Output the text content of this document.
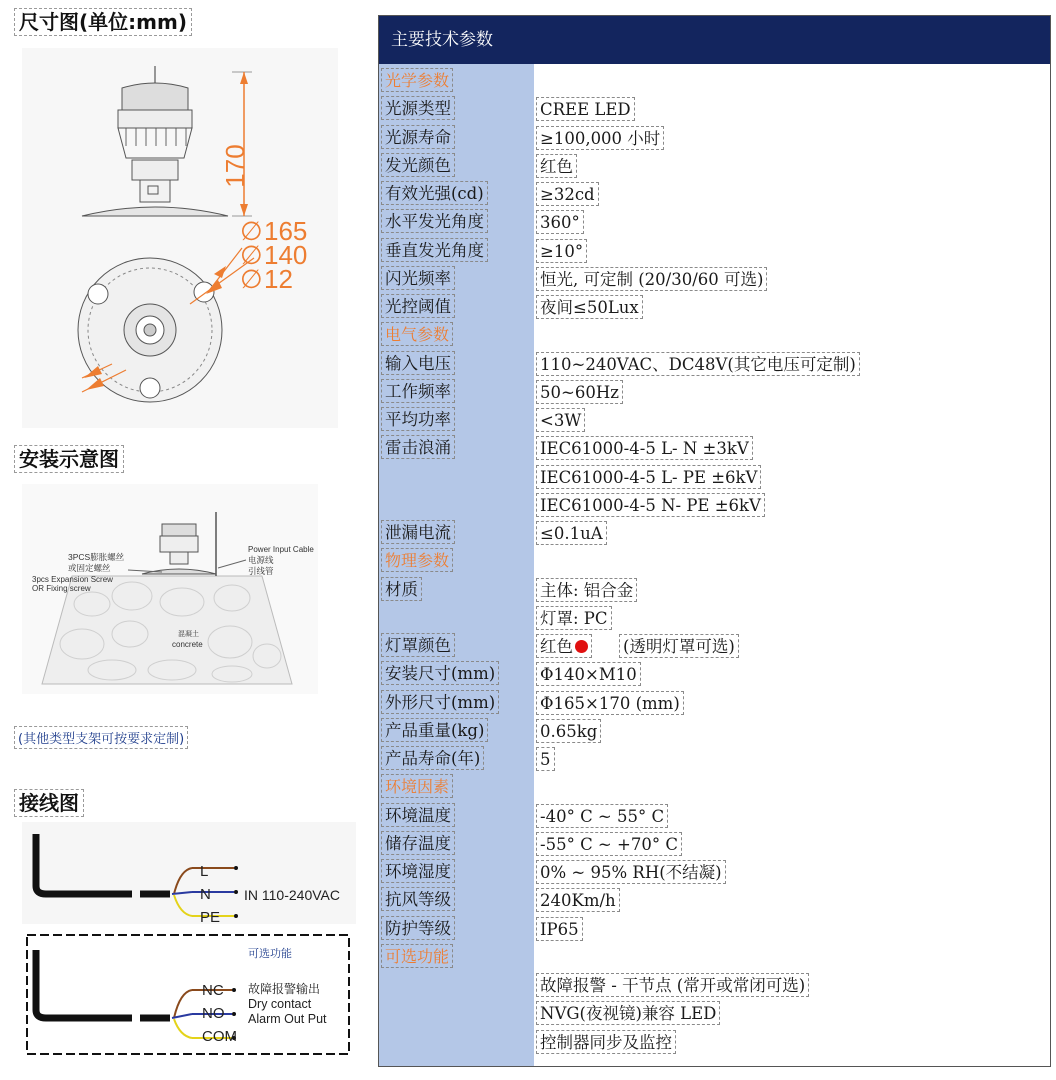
尺寸图(单位:mm)
170
∅ 165
∅ 140
∅ 12
安装示意图
3PCS膨胀螺丝
或固定螺丝
3pcs Expansion Screw
OR Fixing screw
Power Input Cable
电源线
引线管
混凝土
concrete
(其他类型支架可按要求定制)
接线图
L
N
PE
IN 110-240VAC
可选功能
NC
NO
COM
故障报警输出
Dry contact
Alarm Out Put
主要技术参数
光学参数
光源类型	CREE LED
光源寿命	≥100,000 小时
发光颜色	红色
有效光强(cd)	≥32cd
水平发光角度	360°
垂直发光角度	≥10°
闪光频率	恒光, 可定制 (20/30/60 可选)
光控阈值	夜间≤50Lux
电气参数
输入电压	110~240VAC、DC48V(其它电压可定制)
工作频率	50~60Hz
平均功率	<3W
雷击浪涌	IEC61000-4-5 L- N ±3kV
IEC61000-4-5 L- PE ±6kV
IEC61000-4-5 N- PE ±6kV
泄漏电流	≤0.1uA
物理参数
材质	主体: 铝合金
灯罩: PC
灯罩颜色	红色	(透明灯罩可选)
安装尺寸(mm)	Φ140×M10
外形尺寸(mm)	Φ165×170 (mm)
产品重量(kg)	0.65kg
产品寿命(年)	5
环境因素
环境温度	-40° C ~ 55° C
储存温度	-55° C ~ +70° C
环境湿度	0% ~ 95% RH(不结凝)
抗风等级	240Km/h
防护等级	IP65
可选功能
故障报警 - 干节点 (常开或常闭可选)
NVG(夜视镜)兼容 LED
控制器同步及监控
